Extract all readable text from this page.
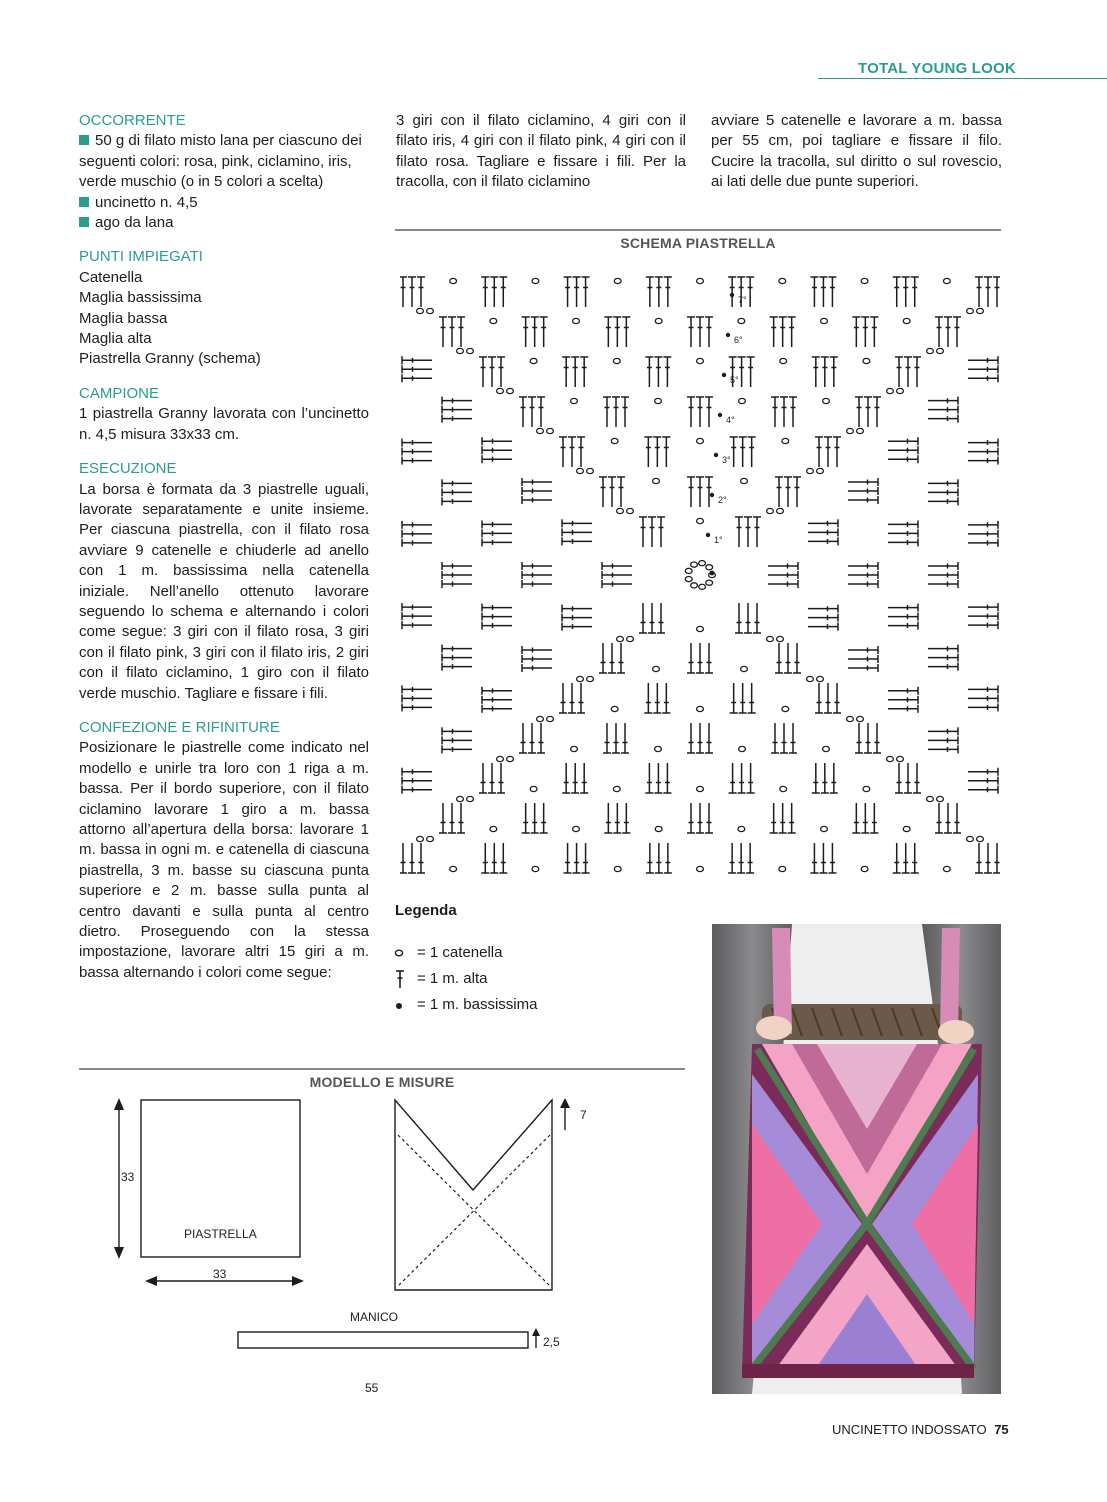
TOTAL YOUNG LOOK
OCCORRENTE
50 g di filato misto lana per ciascuno dei seguenti colori: rosa, pink, ciclamino, iris, verde muschio (o in 5 colori a scelta)
uncinetto n. 4,5
ago da lana
PUNTI IMPIEGATI
Catenella
Maglia bassissima
Maglia bassa
Maglia alta
Piastrella Granny (schema)
CAMPIONE
1 piastrella Granny lavorata con l’uncinetto n. 4,5 misura 33x33 cm.
ESECUZIONE
La borsa è formata da 3 piastrelle uguali, lavorate separatamente e unite insieme. Per ciascuna piastrella, con il filato rosa avviare 9 catenelle e chiuderle ad anello con 1 m. bassissima nella catenella iniziale. Nell’anello ottenuto lavorare seguendo lo schema e alternando i colori come segue: 3 giri con il filato rosa, 3 giri con il filato pink, 3 giri con il filato iris, 2 giri con il filato ciclamino, 1 giro con il filato verde muschio. Tagliare e fissare i fili.
CONFEZIONE E RIFINITURE
Posizionare le piastrelle come indicato nel modello e unirle tra loro con 1 riga a m. bassa. Per il bordo superiore, con il filato ciclamino lavorare 1 giro a m. bassa attorno all’apertura della borsa: lavorare 1 m. bassa in ogni m. e catenella di ciascuna piastrella, 3 m. basse su ciascuna punta superiore e 2 m. basse sulla punta al centro davanti e sulla punta al centro dietro. Proseguendo con la stessa impostazione, lavorare altri 15 giri a m. bassa alternando i colori come segue:
3 giri con il filato ciclamino, 4 giri con il filato iris, 4 giri con il filato pink, 4 giri con il filato rosa. Tagliare e fissare i fili. Per la tracolla, con il filato ciclamino
avviare 5 catenelle e lavorare a m. bassa per 55 cm, poi tagliare e fissare il filo. Cucire la tracolla, sul diritto o sul rovescio, ai lati delle due punte superiori.
SCHEMA PIASTRELLA
1°
2°
3°
4°
5°
6°
7°
Legenda
= 1 catenella
= 1 m. alta
= 1 m. bassissima
MODELLO E MISURE
33
PIASTRELLA
33
7
MANICO
2,5
55
UNCINETTO INDOSSATO 75
